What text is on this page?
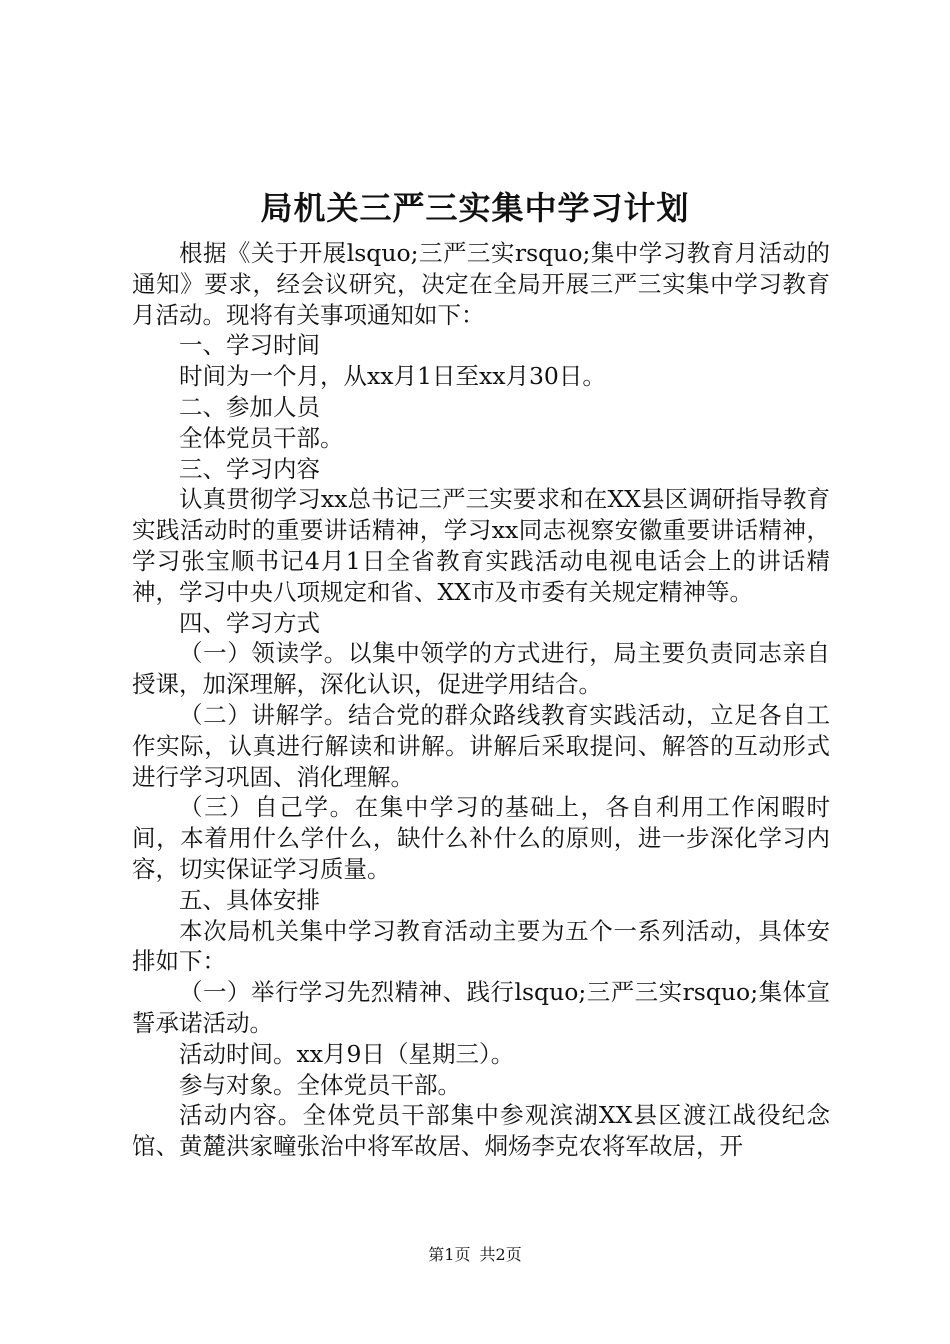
局机关三严三实集中学习计划

根据《关于开展lsquo;三严三实rsquo;集中学习教育月活动的通知》要求，经会议研究，决定在全局开展三严三实集中学习教育月活动。现将有关事项通知如下：

一、学习时间

时间为一个月，从xx月1日至xx月30日。

二、参加人员

全体党员干部。

三、学习内容

认真贯彻学习xx总书记三严三实要求和在XX县区调研指导教育实践活动时的重要讲话精神，学习xx同志视察安徽重要讲话精神，学习张宝顺书记4月1日全省教育实践活动电视电话会上的讲话精神，学习中央八项规定和省、XX市及市委有关规定精神等。

四、学习方式

（一）领读学。以集中领学的方式进行，局主要负责同志亲自授课，加深理解，深化认识，促进学用结合。

（二）讲解学。结合党的群众路线教育实践活动，立足各自工作实际，认真进行解读和讲解。讲解后采取提问、解答的互动形式进行学习巩固、消化理解。

（三）自己学。在集中学习的基础上，各自利用工作闲暇时间，本着用什么学什么，缺什么补什么的原则，进一步深化学习内容，切实保证学习质量。

五、具体安排

本次局机关集中学习教育活动主要为五个一系列活动，具体安排如下：

（一）举行学习先烈精神、践行lsquo;三严三实rsquo;集体宣誓承诺活动。

活动时间。xx月9日（星期三）。

参与对象。全体党员干部。

活动内容。全体党员干部集中参观滨湖XX县区渡江战役纪念馆、黄麓洪家疃张治中将军故居、烔炀李克农将军故居，开

第1页 共2页
